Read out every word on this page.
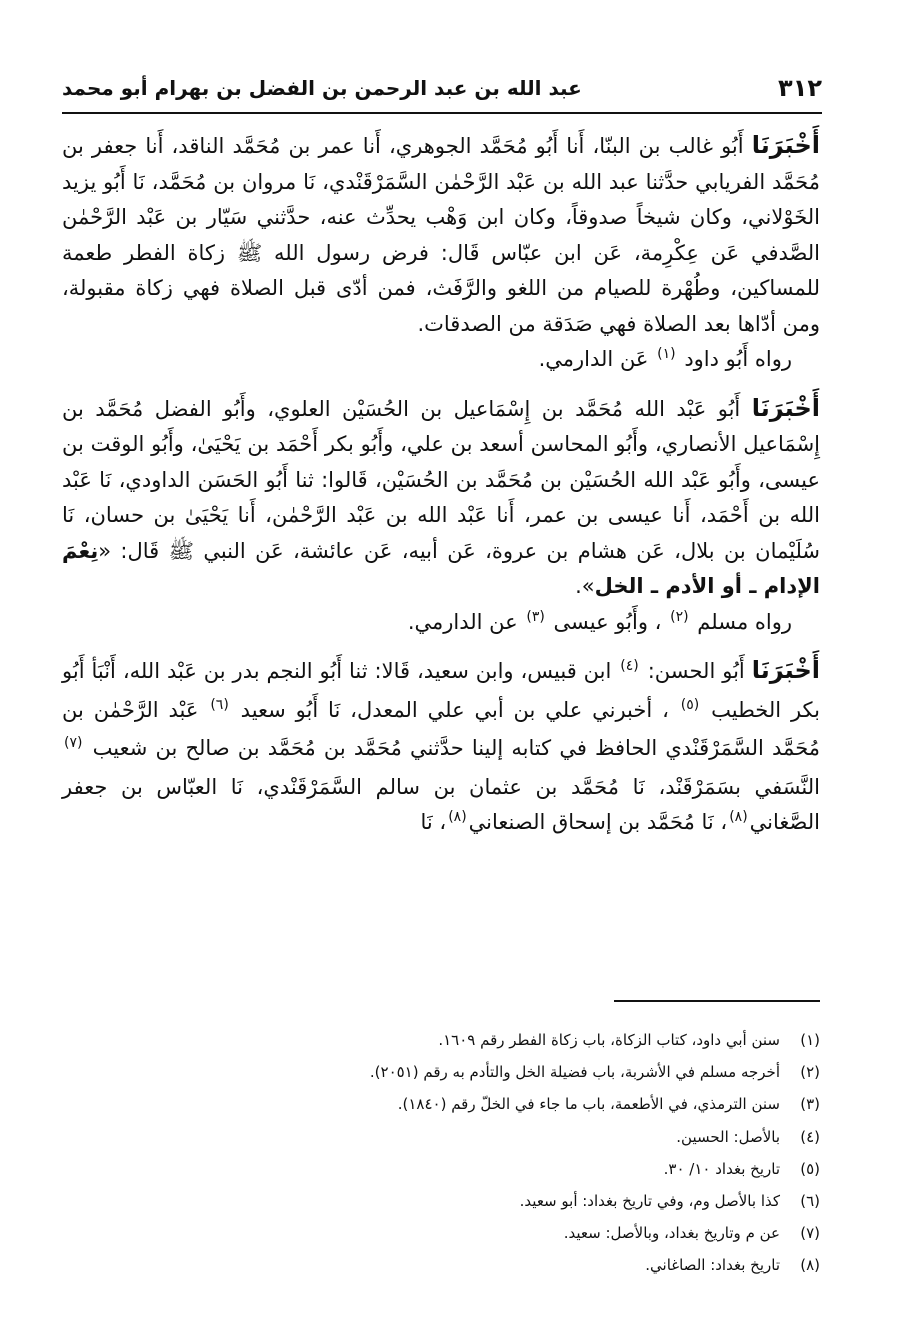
٣١٢
عبد الله بن عبد الرحمن بن الفضل بن بهرام أبو محمد

أَخْبَرَنَا أَبُو غالب بن البنّا، أَنا أَبُو مُحَمَّد الجوهري، أَنا عمر بن مُحَمَّد الناقد، أَنا جعفر بن مُحَمَّد الفريابي حدَّثنا عبد الله بن عَبْد الرَّحْمٰن السَّمَرْقَنْدي، نَا مروان بن مُحَمَّد، نَا أَبُو يزيد الخَوْلاني، وكان شيخاً صدوقاً، وكان ابن وَهْب يحدِّث عنه، حدَّثني سَيّار بن عَبْد الرَّحْمٰن الصَّدفي عَن عِكْرِمة، عَن ابن عبّاس قَال: فرض رسول الله ﷺ زكاة الفطر طعمة للمساكين، وطُهْرة للصيام من اللغو والرَّفَث، فمن أدّى قبل الصلاة فهي زكاة مقبولة، ومن أدّاها بعد الصلاة فهي صَدَقة من الصدقات.

رواه أَبُو داود $^{(١)}$ عَن الدارمي.

أَخْبَرَنَا أَبُو عَبْد الله مُحَمَّد بن إِسْمَاعيل بن الحُسَيْن العلوي، وأَبُو الفضل مُحَمَّد بن إِسْمَاعيل الأنصاري، وأَبُو المحاسن أسعد بن علي، وأَبُو بكر أَحْمَد بن يَحْيَىٰ، وأَبُو الوقت بن عيسى، وأَبُو عَبْد الله الحُسَيْن بن مُحَمَّد بن الحُسَيْن، قَالوا: ثنا أَبُو الحَسَن الداودي، نَا عَبْد الله بن أَحْمَد، أَنا عيسى بن عمر، أَنا عَبْد الله بن عَبْد الرَّحْمٰن، أَنا يَحْيَىٰ بن حسان، نَا سُلَيْمان بن بلال، عَن هشام بن عروة، عَن أبيه، عَن عائشة، عَن النبي ﷺ قَال: «نِعْمَ الإدام ـ أو الأدم ـ الخل».

رواه مسلم $^{(٢)}$ ، وأَبُو عيسى $^{(٣)}$ عن الدارمي.

أَخْبَرَنَا أَبُو الحسن: $^{(٤)}$ ابن قبيس، وابن سعيد، قَالا: ثنا أَبُو النجم بدر بن عَبْد الله، أَنْبَأ أَبُو بكر الخطيب $^{(٥)}$ ، أخبرني علي بن أبي علي المعدل، نَا أَبُو سعيد $^{(٦)}$ عَبْد الرَّحْمٰن بن مُحَمَّد السَّمَرْقَنْدي الحافظ في كتابه إلينا حدَّثني مُحَمَّد بن مُحَمَّد بن صالح بن شعيب $^{(٧)}$ النَّسَفي بسَمَرْقَنْد، نَا مُحَمَّد بن عثمان بن سالم السَّمَرْقَنْدي، نَا العبّاس بن جعفر الصَّغاني$^{(٨)}$، نَا مُحَمَّد بن إسحاق الصنعاني$^{(٨)}$، نَا

(١)
سنن أبي داود، كتاب الزكاة، باب زكاة الفطر رقم ١٦٠٩.
(٢)
أخرجه مسلم في الأشربة، باب فضيلة الخل والتأدم به رقم (٢٠٥١).
(٣)
سنن الترمذي، في الأطعمة، باب ما جاء في الخلّ رقم (١٨٤٠).
(٤)
بالأصل: الحسين.
(٥)
تاريخ بغداد ١٠/ ٣٠.
(٦)
كذا بالأصل وم، وفي تاريخ بغداد: أبو سعيد.
(٧)
عن م وتاريخ بغداد، وبالأصل: سعيد.
(٨)
تاريخ بغداد: الصاغاني.
